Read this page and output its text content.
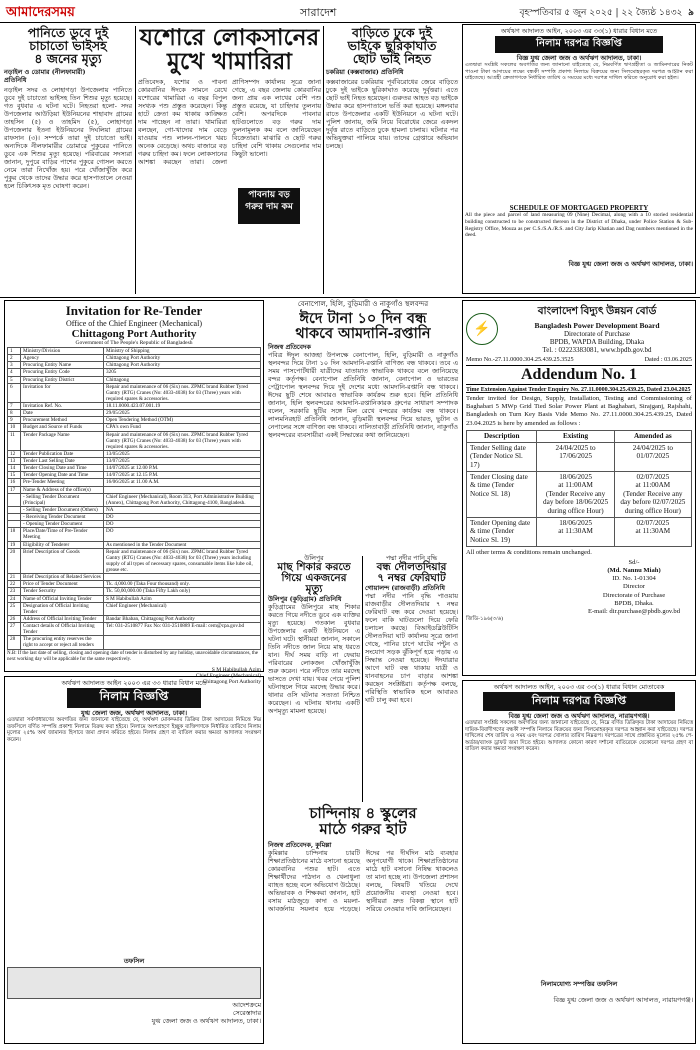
আমাদেরসময়	সারাদেশ	বৃহস্পতিবার ৫ জুন ২০২৫ | ২২ জ্যৈষ্ঠ ১৪৩২ ৯
পানিতে ডুবে দুই
চাচাতো ভাইসহ
৪ জনের মৃত্যু
নড়াইল ও ডোমার (নীলফামারী)
প্রতিনিধি
নড়াইল সদর ও লোহাগড়া উপজেলায় পানিতে ডুবে দুই চাচাতো ভাইসহ তিন শিশুর মৃত্যু হয়েছে। গত বুধবার এ ঘটনা ঘটে। নিহতরা হলো- সদর উপজেলার আউড়িয়া ইউনিয়নের শাহাবাদ গ্রামের তাহসিন (৫) ও তাহমিদ (৫), লোহাগড়া উপজেলার ইতনা ইউনিয়নের দিঘলিয়া গ্রামের রাফসান (৩)। সম্পর্কে তারা দুই চাচাতো ভাই। অন্যদিকে নীলফামারীর ডোমারে পুকুরের পানিতে ডুবে এক শিশুর মৃত্যু হয়েছে। পরিবারের সদস্যরা জানান, দুপুরে বাড়ির পাশের পুকুরে গোসল করতে নেমে তারা নিখোঁজ হয়। পরে খোঁজাখুঁজি করে পুকুর থেকে তাদের উদ্ধার করে হাসপাতালে নেওয়া হলে চিকিৎসক মৃত ঘোষণা করেন।
যশোরে লোকসানের
মুখে খামারিরা
প্রতিবেদক, যশোর ও পাবনা কোরবানির ঈদকে সামনে রেখে যশোরের খামারিরা এ বছর বিপুল সংখ্যক পশু প্রস্তুত করেছেন। কিন্তু হাটে ক্রেতা কম থাকায় কাঙ্ক্ষিত দাম পাচ্ছেন না তারা। খামারিরা বলছেন, গো-খাদ্যের দাম বেড়ে যাওয়ায় পশু লালন-পালনে খরচ অনেক বেড়েছে। অথচ বাজারে বড় গরুর চাহিদা কম। ফলে লোকসানের আশঙ্কা করছেন তারা। জেলা প্রাণিসম্পদ কার্যালয় সূত্রে জানা গেছে, এ বছর জেলায় কোরবানির জন্য প্রায় এক লাখের বেশি পশু প্রস্তুত রয়েছে, যা চাহিদার তুলনায় বেশি। অপরদিকে পাবনার হাটগুলোতে বড় গরুর দাম তুলনামূলক কম বলে জানিয়েছেন বিক্রেতারা। মাঝারি ও ছোট গরুর চাহিদা বেশি থাকায় সেগুলোর দাম কিছুটা ভালো।
পাবনায় বড়
গরুর দাম কম
বাড়িতে ঢুকে দুই
ভাইকে ছুরিকাঘাত
ছোট ভাই নিহত
চকরিয়া (কক্সবাজার) প্রতিনিধি
কক্সবাজারের চকরিয়ায় পূর্ববিরোধের জেরে বাড়িতে ঢুকে দুই ভাইকে ছুরিকাঘাত করেছে দুর্বৃত্তরা। এতে ছোট ভাই নিহত হয়েছেন। গুরুতর আহত বড় ভাইকে উদ্ধার করে হাসপাতালে ভর্তি করা হয়েছে। মঙ্গলবার রাতে উপজেলার একটি ইউনিয়নে এ ঘটনা ঘটে। পুলিশ জানায়, জমি নিয়ে বিরোধের জেরে একদল দুর্বৃত্ত রাতে বাড়িতে ঢুকে হামলা চালায়। ঘটনার পর অভিযুক্তরা পালিয়ে যায়। তাদের গ্রেপ্তারে অভিযান চলছে।
অর্থঋণ আদালত আইন, ২০০৩ এর ৩৩(১) ধারার বিধান মতে
নিলাম দরপত্র বিজ্ঞপ্তি
বিজ্ঞ যুগ্ম জেলা জজ ও অর্থঋণ আদালত, ঢাকা।
এতদ্বারা সংশ্লিষ্ট সকলের অবগতির জন্য জানানো যাইতেছে যে, নিম্নবর্ণিত ঋণগ্রহীতা ও জামিনদারের নিকট পাওনা টাকা আদায়ের লক্ষ্যে বন্ধকী সম্পত্তি প্রকাশ্য নিলামে বিক্রয়ের জন্য সিলমোহরকৃত দরপত্র আহ্বান করা যাইতেছে। আগ্রহী ক্রেতাগণকে নির্ধারিত তারিখ ও সময়ের মধ্যে দরপত্র দাখিল করিতে অনুরোধ করা হইল।
SCHEDULE OF MORTGAGED PROPERTY
All the piece and parcel of land measuring 09 (Nine) Decimal, along with a 10 storied residential building constructed to be constructed thereon in the District of Dhaka, under Police Station & Sub-Registry Office, Mouza as per C.S./S.A./R.S. and City Jarip Khatian and Dag numbers mentioned in the deed.
বিজ্ঞ যুগ্ম জেলা জজ ও অর্থঋণ আদালত, ঢাকা।
Invitation for Re-Tender
Office of the Chief Engineer (Mechanical)
Chittagong Port Authority
Government of The People's Republic of Bangladesh
1	Ministry/Division	Ministry of Shipping
2	Agency	Chittagong Port Authority
3	Procuring Entity Name	Chittagong Port Authority
4	Procuring Entity Code	3205
5	Procuring Entity District	Chittagong
6	Invitation for	Repair and maintenance of 06 (Six) nos. ZPMC brand Rubber Tyred Gantry (RTG) Cranes (No: 4033-4038) for 03 (Three) years with required spares & accessories.
7	Invitation Ref. No.	18.11.0000.423.07.001.19
8	Date	29/05/2025
9	Procurement Method	Open Tendering Method (OTM)
10	Budget and Source of Funds	CPA's own Fund
11	Tender Package Name	Repair and maintenance of 06 (Six) nos. ZPMC brand Rubber Tyred Gantry (RTG) Cranes (No: 4033-4038) for 03 (Three) years with required spares & accessories.
12	Tender Publication Date	13/05/2025
13	Tender Last Selling Date	13/07/2025
14	Tender Closing Date and Time	14/07/2025 at 12.00 P.M.
15	Tender Opening Date and Time	14/07/2025 at 12.15 P.M.
16	Pre-Tender Meeting	16/06/2025 at 11.00 A.M.
17	Name & Address of the office(s)	
	- Selling Tender Document (Principal)	Chief Engineer (Mechanical), Room 313, Port Administrative Building (Annex), Chittagong Port Authority, Chittagong-4100, Bangladesh.
	- Selling Tender Document (Others)	NA
	- Receiving Tender Document	DO
	- Opening Tender Document	DO
18	Place/Date/Time of Pre-Tender Meeting	DO
19	Eligibility of Tenderer	As mentioned in the Tender Document
20	Brief Description of Goods	Repair and maintenance of 06 (Six) nos. ZPMC brand Rubber Tyred Gantry (RTG) Cranes (No: 4033-4038) for 03 (Three) years including supply of all types of necessary spares, consumable items like lube oil, grease etc.
21	Brief Description of Related Services	
22	Price of Tender Document	Tk. 4,000.00 (Taka Four thousand) only.
23	Tender Security	Tk. 50,00,000.00 (Taka Fifty Lakh only)
24	Name of Official Inviting Tender	S M Habibullah Azim
25	Designation of Official Inviting Tender	Chief Engineer (Mechanical)
26	Address of Official Inviting Tender	Bandar Bhaban, Chittagong Port Authority
27	Contact details of Official Inviting Tender	Tel: 031-2510877 Fax No: 031-2510889 E-mail: cem@cpa.gov.bd
28	The procuring entity reserves the right to accept or reject all tenders	
N.B: If the last date of selling, closing and opening date of tender is disturbed by any holiday, unavoidable circumstances, the next working day will be applicable for the same respectively.
S M Habibullah Azim
Chief Engineer (Mechanical)
Chittagong Port Authority
বেনাপোল, হিলি, বুড়িমারী ও নাকুগাঁও স্থলবন্দর
ঈদে টানা ১০ দিন বন্ধ
থাকবে আমদানি-রপ্তানি
নিজস্ব প্রতিবেদক
পবিত্র ঈদুল আজহা উপলক্ষে বেনাপোল, হিলি, বুড়িমারী ও নাকুগাঁও স্থলবন্দর দিয়ে টানা ১০ দিন আমদানি-রপ্তানি বাণিজ্য বন্ধ থাকবে। তবে এ সময় পাসপোর্টধারী যাত্রীদের যাতায়াত স্বাভাবিক থাকবে বলে জানিয়েছে বন্দর কর্তৃপক্ষ। বেনাপোল প্রতিনিধি জানান, বেনাপোল ও ভারতের পেট্রাপোল স্থলবন্দর দিয়ে দুই দেশের মধ্যে আমদানি-রপ্তানি বন্ধ থাকবে। ঈদের ছুটি শেষে আবারও স্বাভাবিক কার্যক্রম শুরু হবে। হিলি প্রতিনিধি জানান, হিলি স্থলবন্দরের আমদানি-রপ্তানিকারক গ্রুপের সাধারণ সম্পাদক বলেন, সরকারি ছুটির সঙ্গে মিল রেখে বন্দরের কার্যক্রম বন্ধ থাকবে। লালমনিরহাট প্রতিনিধি জানান, বুড়িমারী স্থলবন্দর দিয়ে ভারত, ভুটান ও নেপালের সঙ্গে বাণিজ্য বন্ধ থাকবে। নালিতাবাড়ী প্রতিনিধি জানান, নাকুগাঁও স্থলবন্দরের ব্যবসায়ীরা একই সিদ্ধান্তের কথা জানিয়েছেন।
উলিপুর
মাছ শিকার করতে
গিয়ে একজনের
মৃত্যু
উলিপুর (কুড়িগ্রাম) প্রতিনিধি
কুড়িগ্রামের উলিপুরে মাছ শিকার করতে গিয়ে নদীতে ডুবে এক ব্যক্তির মৃত্যু হয়েছে। গতকাল বুধবার উপজেলার একটি ইউনিয়নে এ ঘটনা ঘটে। স্থানীয়রা জানান, সকালে তিনি নদীতে জাল নিয়ে মাছ ধরতে যান। দীর্ঘ সময় বাড়ি না ফেরায় পরিবারের লোকজন খোঁজাখুঁজি শুরু করেন। পরে নদীতে তার মরদেহ ভাসতে দেখা যায়। খবর পেয়ে পুলিশ ঘটনাস্থলে গিয়ে মরদেহ উদ্ধার করে। থানার ওসি ঘটনার সত্যতা নিশ্চিত করেছেন। এ ঘটনায় থানায় একটি অপমৃত্যু মামলা হয়েছে।
পদ্মা নদীর পানি বৃদ্ধি
বন্ধ দৌলতদিয়ার
৭ নম্বর ফেরিঘাট
গোয়ালন্দ (রাজবাড়ী) প্রতিনিধি
পদ্মা নদীর পানি বৃদ্ধি পাওয়ায় রাজবাড়ীর দৌলতদিয়ার ৭ নম্বর ফেরিঘাট বন্ধ করে দেওয়া হয়েছে। ফলে বাকি ঘাটগুলো দিয়ে ফেরি চলাচল করছে। বিআইডব্লিউটিসি দৌলতদিয়া ঘাট কার্যালয় সূত্রে জানা গেছে, পানির চাপে ঘাটের পন্টুন ও সংযোগ সড়ক ঝুঁকিপূর্ণ হয়ে পড়ায় এ সিদ্ধান্ত নেওয়া হয়েছে। ঈদযাত্রার আগে ঘাট বন্ধ থাকায় যাত্রী ও যানবাহনের চাপ বাড়ার আশঙ্কা করছেন সংশ্লিষ্টরা। কর্তৃপক্ষ বলছে, পরিস্থিতি স্বাভাবিক হলে আবারও ঘাট চালু করা হবে।
⚡
বাংলাদেশ বিদ্যুৎ উন্নয়ন বোর্ড
Bangladesh Power Development Board
Directorate of Purchase
BPDB, WAPDA Building, Dhaka
Tel. : 02223383081, www.bpdb.gov.bd
Memo No.-27.11.0000.304.25.439.25.3525	Dated : 03.06.2025
Addendum No. 1
Time Extension Against Tender Enquiry No. 27.11.0000.304.25.439.25, Dated 23.04.2025
Tender invited for Design, Supply, Installation, Testing and Commissioning of Baghabari 5 MWp Grid Tied Solar Power Plant at Baghabari, Sirajganj, Rajshahi, Bangladesh on Turn Key Basis Vide Memo No. 27.11.0000.304.25.439.25, Dated 23.04.2025 is here by amended as follows :
Description	Existing	Amended as
Tender Selling date (Tender Notice Sl. 17)	24/04/2025 to 17/06/2025	24/04/2025 to 01/07/2025
Tender Closing date & time (Tender Notice Sl. 18)	18/06/2025
at 11:00AM
(Tender Receive any day before 18/06/2025 during office Hour)	02/07/2025
at 11:00AM
(Tender Receive any day before 02/07/2025 during office Hour)
Tender Opening date & time (Tender Notice Sl. 19)	18/06/2025
at 11:30AM	02/07/2025
at 11:30AM
All other terms & conditions remain unchanged.
Sd/-
(Md. Nannu Miah)
ID. No. 1-01304
Director
Directorate of Purchase
BPDB, Dhaka.
E-mail: dir.purchase@pbdb.gov.bd
জিডি-১৯৬(৩/৬)
অর্থঋণ আদালত আইন ২০০৩ এর ৩৩ ধারার বিধান মতে
নিলাম বিজ্ঞপ্তি
যুগ্ম জেলা জজ, অর্থঋণ আদালত, ঢাকা।
এতদ্বারা সর্বসাধারণের অবগতির জন্য জানানো যাইতেছে যে, অর্থঋণ মোকদ্দমার ডিক্রির টাকা আদায়ের নিমিত্তে নিম্ন তফসিলে বর্ণিত সম্পত্তি প্রকাশ্য নিলামে বিক্রয় করা হইবে। নিলামে অংশগ্রহণে ইচ্ছুক ব্যক্তিগণকে নির্ধারিত তারিখে নিলাম মূল্যের ২৫% অর্থ জামানত হিসাবে জমা প্রদান করিতে হইবে। নিলাম গ্রহণ বা বাতিল করার ক্ষমতা আদালত সংরক্ষণ করেন।
তফসিল
আদেশক্রমে
সেরেস্তাদার
যুগ্ম জেলা জজ ও অর্থঋণ আদালত, ঢাকা।
চান্দিনায় ৪ স্কুলের
মাঠে গরুর হাট
নিজস্ব প্রতিবেদক, কুমিল্লা
কুমিল্লার চান্দিনায় চারটি শিক্ষাপ্রতিষ্ঠানের মাঠে বসানো হয়েছে কোরবানির পশুর হাট। এতে শিক্ষার্থীদের পাঠদান ও খেলাধুলা ব্যাহত হচ্ছে বলে অভিযোগ উঠেছে। অভিভাবক ও শিক্ষকরা জানান, হাট বসায় মাঠজুড়ে কাদা ও ময়লা-আবর্জনায় সয়লাব হয়ে পড়েছে। ঈদের পর দীর্ঘদিন মাঠ ব্যবহার অনুপযোগী থাকে। শিক্ষাপ্রতিষ্ঠানের মাঠে হাট বসানো নিষিদ্ধ থাকলেও তা মানা হচ্ছে না। উপজেলা প্রশাসন বলছে, বিষয়টি খতিয়ে দেখে প্রয়োজনীয় ব্যবস্থা নেওয়া হবে। স্থানীয়রা দ্রুত বিকল্প স্থানে হাট সরিয়ে নেওয়ার দাবি জানিয়েছেন।
অর্থঋণ আদালত আইন, ২০০৩ এর ৩৩(১) ধারার বিধান মোতাবেক
নিলাম দরপত্র বিজ্ঞপ্তি
বিজ্ঞ যুগ্ম জেলা জজ ও অর্থঋণ আদালত, নারায়ণগঞ্জ।
এতদ্বারা সংশ্লিষ্ট সকলের অবগতির জন্য জানানো যাইতেছে যে, নিম্নে বর্ণিত ডিক্রিকৃত টাকা আদায়ের নিমিত্তে দায়িক-বিবাদীগণের বন্ধকী সম্পত্তি নিলামে বিক্রয়ের জন্য সিলমোহরকৃত দরপত্র আহ্বান করা যাইতেছে। দরপত্র দাখিলের শেষ তারিখ ও সময় এবং দরপত্র খোলার তারিখ নিম্নরূপ। দরপত্রের সাথে প্রস্তাবিত মূল্যের ২৫% পে-অর্ডার/ব্যাংক ড্রাফট জমা দিতে হইবে। আদালত কোনো কারণ দর্শানো ব্যতিরেকে যেকোনো দরপত্র গ্রহণ বা বাতিল করার ক্ষমতা সংরক্ষণ করেন।
নিলামযোগ্য সম্পত্তির তফসিল
বিজ্ঞ যুগ্ম জেলা জজ ও অর্থঋণ আদালত, নারায়ণগঞ্জ।
